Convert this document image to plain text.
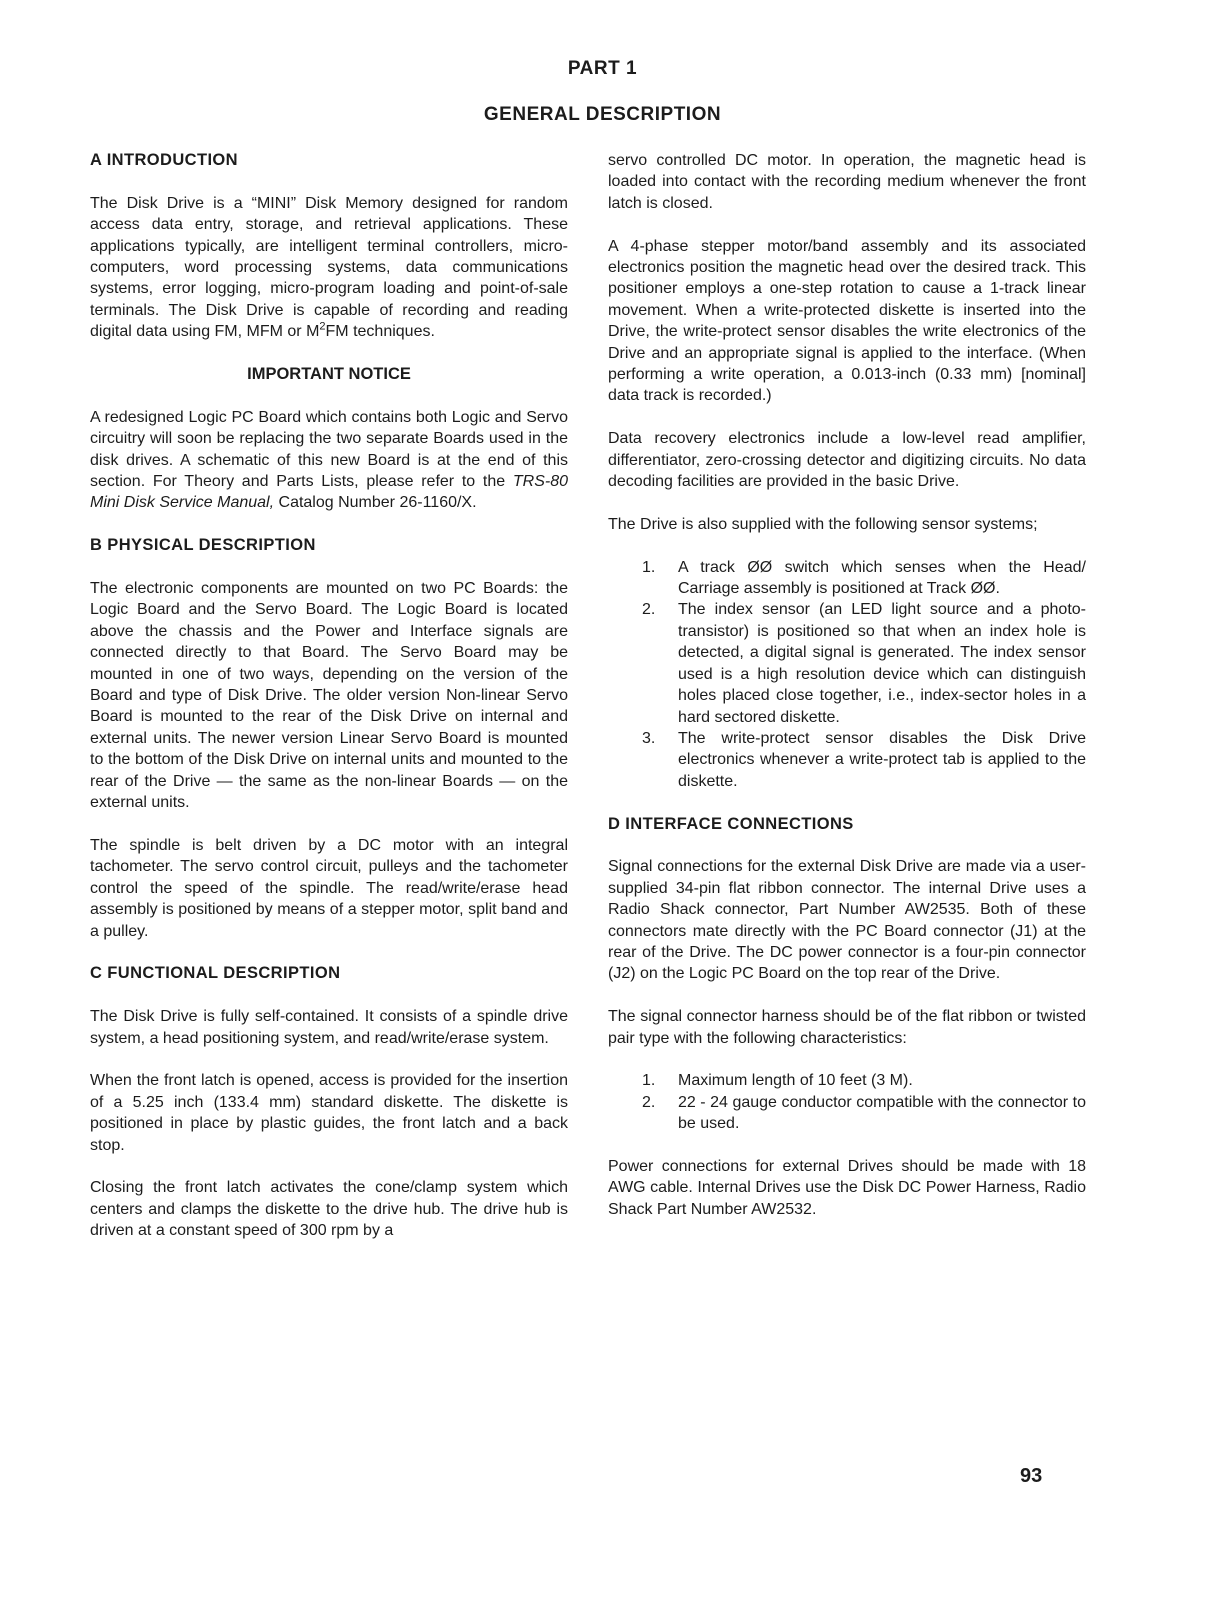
PART 1
GENERAL DESCRIPTION
A INTRODUCTION

The Disk Drive is a “MINI” Disk Memory designed for random access data entry, storage, and retrieval applications. These applications typically, are intelligent terminal controllers, micro-computers, word processing systems, data communications systems, error logging, micro-program loading and point-of-sale terminals. The Disk Drive is capable of recording and reading digital data using FM, MFM or $M^2FM$ techniques.

IMPORTANT NOTICE

A redesigned Logic PC Board which contains both Logic and Servo circuitry will soon be replacing the two separate Boards used in the disk drives. A schematic of this new Board is at the end of this section. For Theory and Parts Lists, please refer to the TRS-80 Mini Disk Service Manual, Catalog Number 26-1160/X.

B PHYSICAL DESCRIPTION

The electronic components are mounted on two PC Boards: the Logic Board and the Servo Board. The Logic Board is located above the chassis and the Power and Interface signals are connected directly to that Board. The Servo Board may be mounted in one of two ways, depending on the version of the Board and type of Disk Drive. The older version Non-linear Servo Board is mounted to the rear of the Disk Drive on internal and external units. The newer version Linear Servo Board is mounted to the bottom of the Disk Drive on internal units and mounted to the rear of the Drive — the same as the non-linear Boards — on the external units.

The spindle is belt driven by a DC motor with an integral tachometer. The servo control circuit, pulleys and the tachometer control the speed of the spindle. The read/write/erase head assembly is positioned by means of a stepper motor, split band and a pulley.

C FUNCTIONAL DESCRIPTION

The Disk Drive is fully self-contained. It consists of a spindle drive system, a head positioning system, and read/write/erase system.

When the front latch is opened, access is provided for the insertion of a 5.25 inch (133.4 mm) standard diskette. The diskette is positioned in place by plastic guides, the front latch and a back stop.

Closing the front latch activates the cone/clamp system which centers and clamps the diskette to the drive hub. The drive hub is driven at a constant speed of 300 rpm by a

servo controlled DC motor. In operation, the magnetic head is loaded into contact with the recording medium whenever the front latch is closed.

A 4-phase stepper motor/band assembly and its associated electronics position the magnetic head over the desired track. This positioner employs a one-step rotation to cause a 1-track linear movement. When a write-protected diskette is inserted into the Drive, the write-protect sensor disables the write electronics of the Drive and an appropriate signal is applied to the interface. (When performing a write operation, a 0.013-inch (0.33 mm) [nominal] data track is recorded.)

Data recovery electronics include a low-level read amplifier, differentiator, zero-crossing detector and digitizing circuits. No data decoding facilities are provided in the basic Drive.

The Drive is also supplied with the following sensor systems;

1. A track ØØ switch which senses when the Head/ Carriage assembly is positioned at Track ØØ.
2. The index sensor (an LED light source and a photo-transistor) is positioned so that when an index hole is detected, a digital signal is generated. The index sensor used is a high resolution device which can distinguish holes placed close together, i.e., index-sector holes in a hard sectored diskette.
3. The write-protect sensor disables the Disk Drive electronics whenever a write-protect tab is applied to the diskette.
D INTERFACE CONNECTIONS

Signal connections for the external Disk Drive are made via a user-supplied 34-pin flat ribbon connector. The internal Drive uses a Radio Shack connector, Part Number AW2535. Both of these connectors mate directly with the PC Board connector (J1) at the rear of the Drive. The DC power connector is a four-pin connector (J2) on the Logic PC Board on the top rear of the Drive.

The signal connector harness should be of the flat ribbon or twisted pair type with the following characteristics:

1. Maximum length of 10 feet (3 M).
2. 22 - 24 gauge conductor compatible with the connector to be used.

Power connections for external Drives should be made with 18 AWG cable. Internal Drives use the Disk DC Power Harness, Radio Shack Part Number AW2532.

93
